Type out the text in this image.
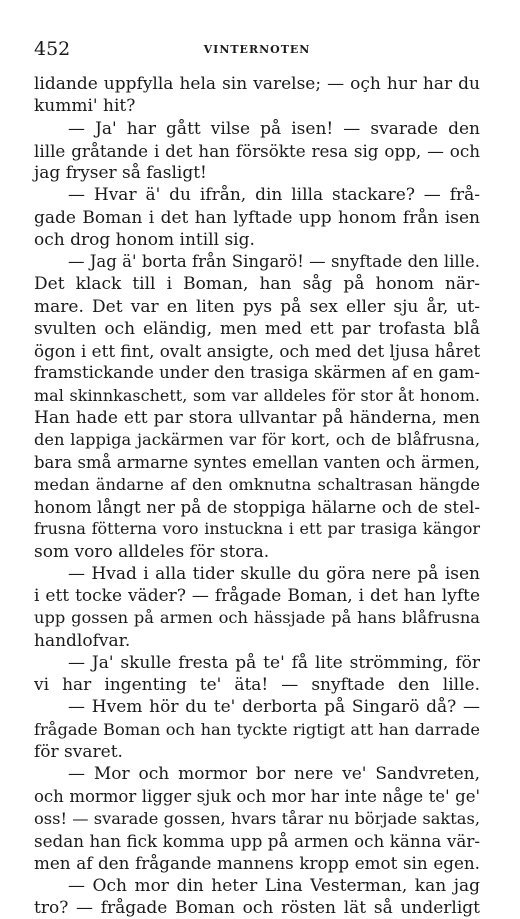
452	VINTERNOTEN
lidande uppfylla hela sin varelse; — oçh hur har du
kummi' hit?
— Ja' har gått vilse på isen! — svarade den
lille gråtande i det han försökte resa sig opp, — och
jag fryser så fasligt!
— Hvar ä' du ifrån, din lilla stackare? — frå-
gade Boman i det han lyftade upp honom från isen
och drog honom intill sig.
— Jag ä' borta från Singarö! — snyftade den lille.
Det klack till i Boman, han såg på honom när-
mare. Det var en liten pys på sex eller sju år, ut-
svulten och eländig, men med ett par trofasta blå
ögon i ett fint, ovalt ansigte, och med det ljusa håret
framstickande under den trasiga skärmen af en gam-
mal skinnkaschett, som var alldeles för stor åt honom.
Han hade ett par stora ullvantar på händerna, men
den lappiga jackärmen var för kort, och de blåfrusna,
bara små armarne syntes emellan vanten och ärmen,
medan ändarne af den omknutna schaltrasan hängde
honom långt ner på de stoppiga hälarne och de stel-
frusna fötterna voro instuckna i ett par trasiga kängor
som voro alldeles för stora.
— Hvad i alla tider skulle du göra nere på isen
i ett tocke väder? — frågade Boman, i det han lyfte
upp gossen på armen och hässjade på hans blåfrusna
handlofvar.
— Ja' skulle fresta på te' få lite strömming, för
vi har ingenting te' äta! — snyftade den lille.
— Hvem hör du te' derborta på Singarö då? —
frågade Boman och han tyckte rigtigt att han darrade
för svaret.
— Mor och mormor bor nere ve' Sandvreten,
och mormor ligger sjuk och mor har inte någe te' ge'
oss! — svarade gossen, hvars tårar nu började saktas,
sedan han fick komma upp på armen och känna vär-
men af den frågande mannens kropp emot sin egen.
— Och mor din heter Lina Vesterman, kan jag
tro? — frågade Boman och rösten lät så underligt
